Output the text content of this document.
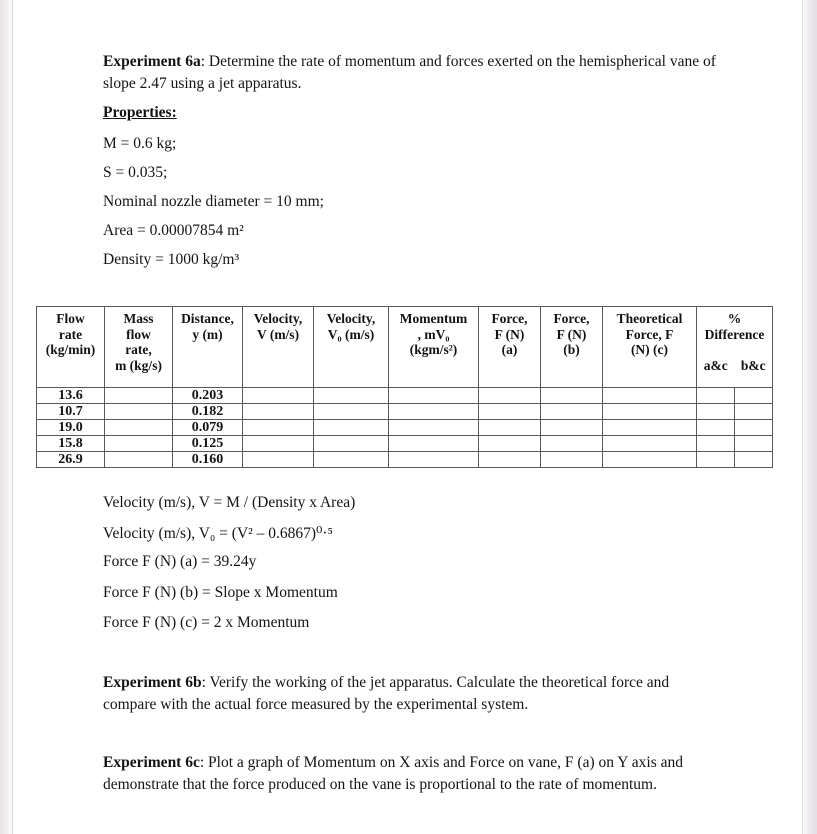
Experiment 6a: Determine the rate of momentum and forces exerted on the hemispherical vane of slope 2.47 using a jet apparatus.
Properties:
M = 0.6 kg;
S = 0.035;
Nominal nozzle diameter = 10 mm;
Area = 0.00007854 m²
Density = 1000 kg/m³
Flow
rate
(kg/min)	Mass
flow
rate,
m (kg/s)	Distance,
y (m)	Velocity,
V (m/s)	Velocity,
V₀ (m/s)	Momentum
, mV₀
(kgm/s²)	Force,
F (N)
(a)	Force,
F (N)
(b)	Theoretical
Force, F
(N) (c)	%
Difference
a&c b&c	

13.6		0.203								
10.7		0.182								
19.0		0.079								
15.8		0.125								
26.9		0.160								
Velocity (m/s), V = M / (Density x Area)
Velocity (m/s), V₀ = (V² – 0.6867)⁰·⁵
Force F (N) (a) = 39.24y
Force F (N) (b) = Slope x Momentum
Force F (N) (c) = 2 x Momentum
Experiment 6b: Verify the working of the jet apparatus. Calculate the theoretical force and compare with the actual force measured by the experimental system.
Experiment 6c: Plot a graph of Momentum on X axis and Force on vane, F (a) on Y axis and demonstrate that the force produced on the vane is proportional to the rate of momentum.
